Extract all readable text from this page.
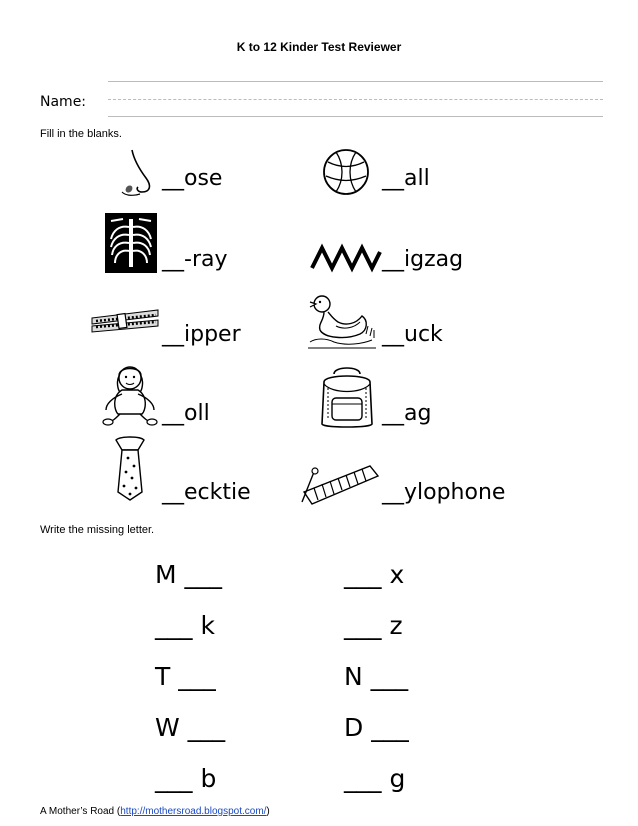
K to 12 Kinder Test Reviewer
Name:
Fill in the blanks.
__ose	__all
__-ray	__igzag
__ipper	__uck
__oll	__ag
__ecktie	__ylophone
Write the missing letter.
M ___	___ x
___ k	___ z
T ___	N ___
W ___	D ___
___ b	___ g
A Mother’s Road (http://mothersroad.blogspot.com/)
